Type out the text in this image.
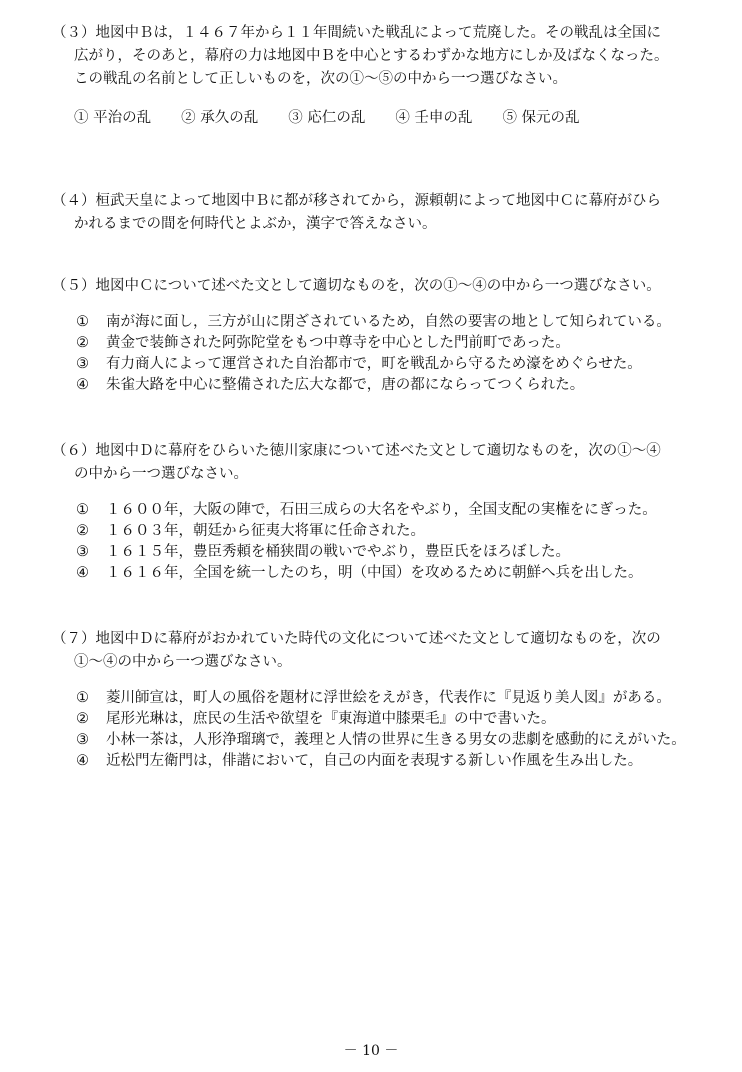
（３）地図中Ｂは，１４６７年から１１年間続いた戦乱によって荒廃した。その戦乱は全国に
広がり，そのあと，幕府の力は地図中Ｂを中心とするわずかな地方にしか及ばなくなった。
この戦乱の名前として正しいものを，次の①～⑤の中から一つ選びなさい。
① 平治の乱 ② 承久の乱 ③ 応仁の乱 ④ 壬申の乱 ⑤ 保元の乱
（４）桓武天皇によって地図中Ｂに都が移されてから，源頼朝によって地図中Ｃに幕府がひら
かれるまでの間を何時代とよぶか，漢字で答えなさい。
（５）地図中Ｃについて述べた文として適切なものを，次の①～④の中から一つ選びなさい。
①	南が海に面し，三方が山に閉ざされているため，自然の要害の地として知られている。
②	黄金で装飾された阿弥陀堂をもつ中尊寺を中心とした門前町であった。
③	有力商人によって運営された自治都市で，町を戦乱から守るため濠をめぐらせた。
④	朱雀大路を中心に整備された広大な都で，唐の都にならってつくられた。
（６）地図中Ｄに幕府をひらいた徳川家康について述べた文として適切なものを，次の①～④
の中から一つ選びなさい。
①	１６００年，大阪の陣で，石田三成らの大名をやぶり，全国支配の実権をにぎった。
②	１６０３年，朝廷から征夷大将軍に任命された。
③	１６１５年，豊臣秀頼を桶狭間の戦いでやぶり，豊臣氏をほろぼした。
④	１６１６年，全国を統一したのち，明（中国）を攻めるために朝鮮へ兵を出した。
（７）地図中Ｄに幕府がおかれていた時代の文化について述べた文として適切なものを，次の
①～④の中から一つ選びなさい。
①	菱川師宣は，町人の風俗を題材に浮世絵をえがき，代表作に『見返り美人図』がある。
②	尾形光琳は，庶民の生活や欲望を『東海道中膝栗毛』の中で書いた。
③	小林一茶は，人形浄瑠璃で，義理と人情の世界に生きる男女の悲劇を感動的にえがいた。
④	近松門左衛門は，俳諧において，自己の内面を表現する新しい作風を生み出した。
－ 10 －
